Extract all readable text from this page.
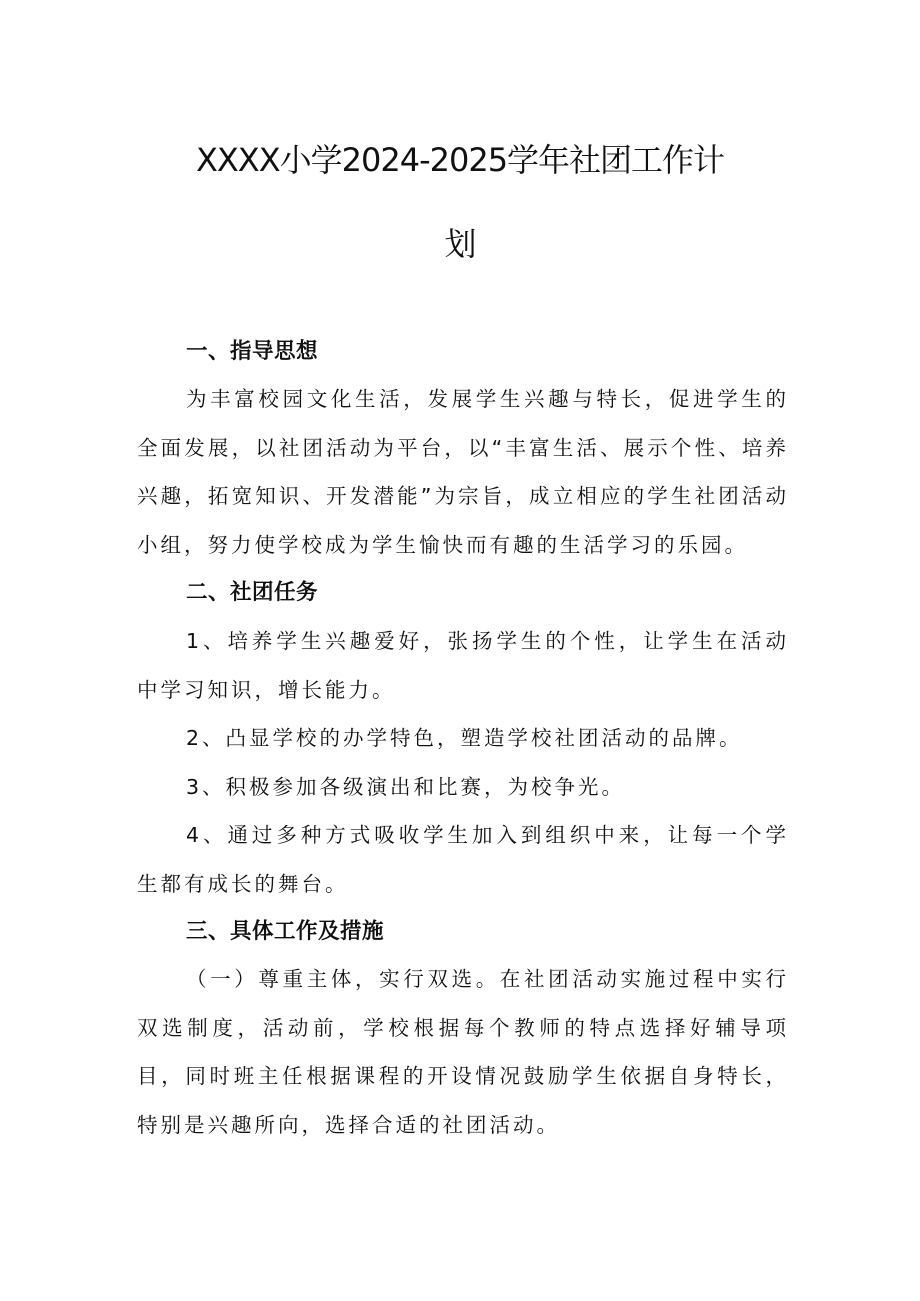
XXXX小学2024-2025学年社团工作计
划
一、指导思想

为丰富校园文化生活，发展学生兴趣与特长，促进学生的全面发展，以社团活动为平台，以“丰富生活、展示个性、培养兴趣，拓宽知识、开发潜能”为宗旨，成立相应的学生社团活动小组，努力使学校成为学生愉快而有趣的生活学习的乐园。

二、社团任务

1、培养学生兴趣爱好，张扬学生的个性，让学生在活动中学习知识，增长能力。

2、凸显学校的办学特色，塑造学校社团活动的品牌。

3、积极参加各级演出和比赛，为校争光。

4、通过多种方式吸收学生加入到组织中来，让每一个学生都有成长的舞台。

三、具体工作及措施

（一）尊重主体，实行双选。在社团活动实施过程中实行双选制度，活动前，学校根据每个教师的特点选择好辅导项目，同时班主任根据课程的开设情况鼓励学生依据自身特长，特别是兴趣所向，选择合适的社团活动。
